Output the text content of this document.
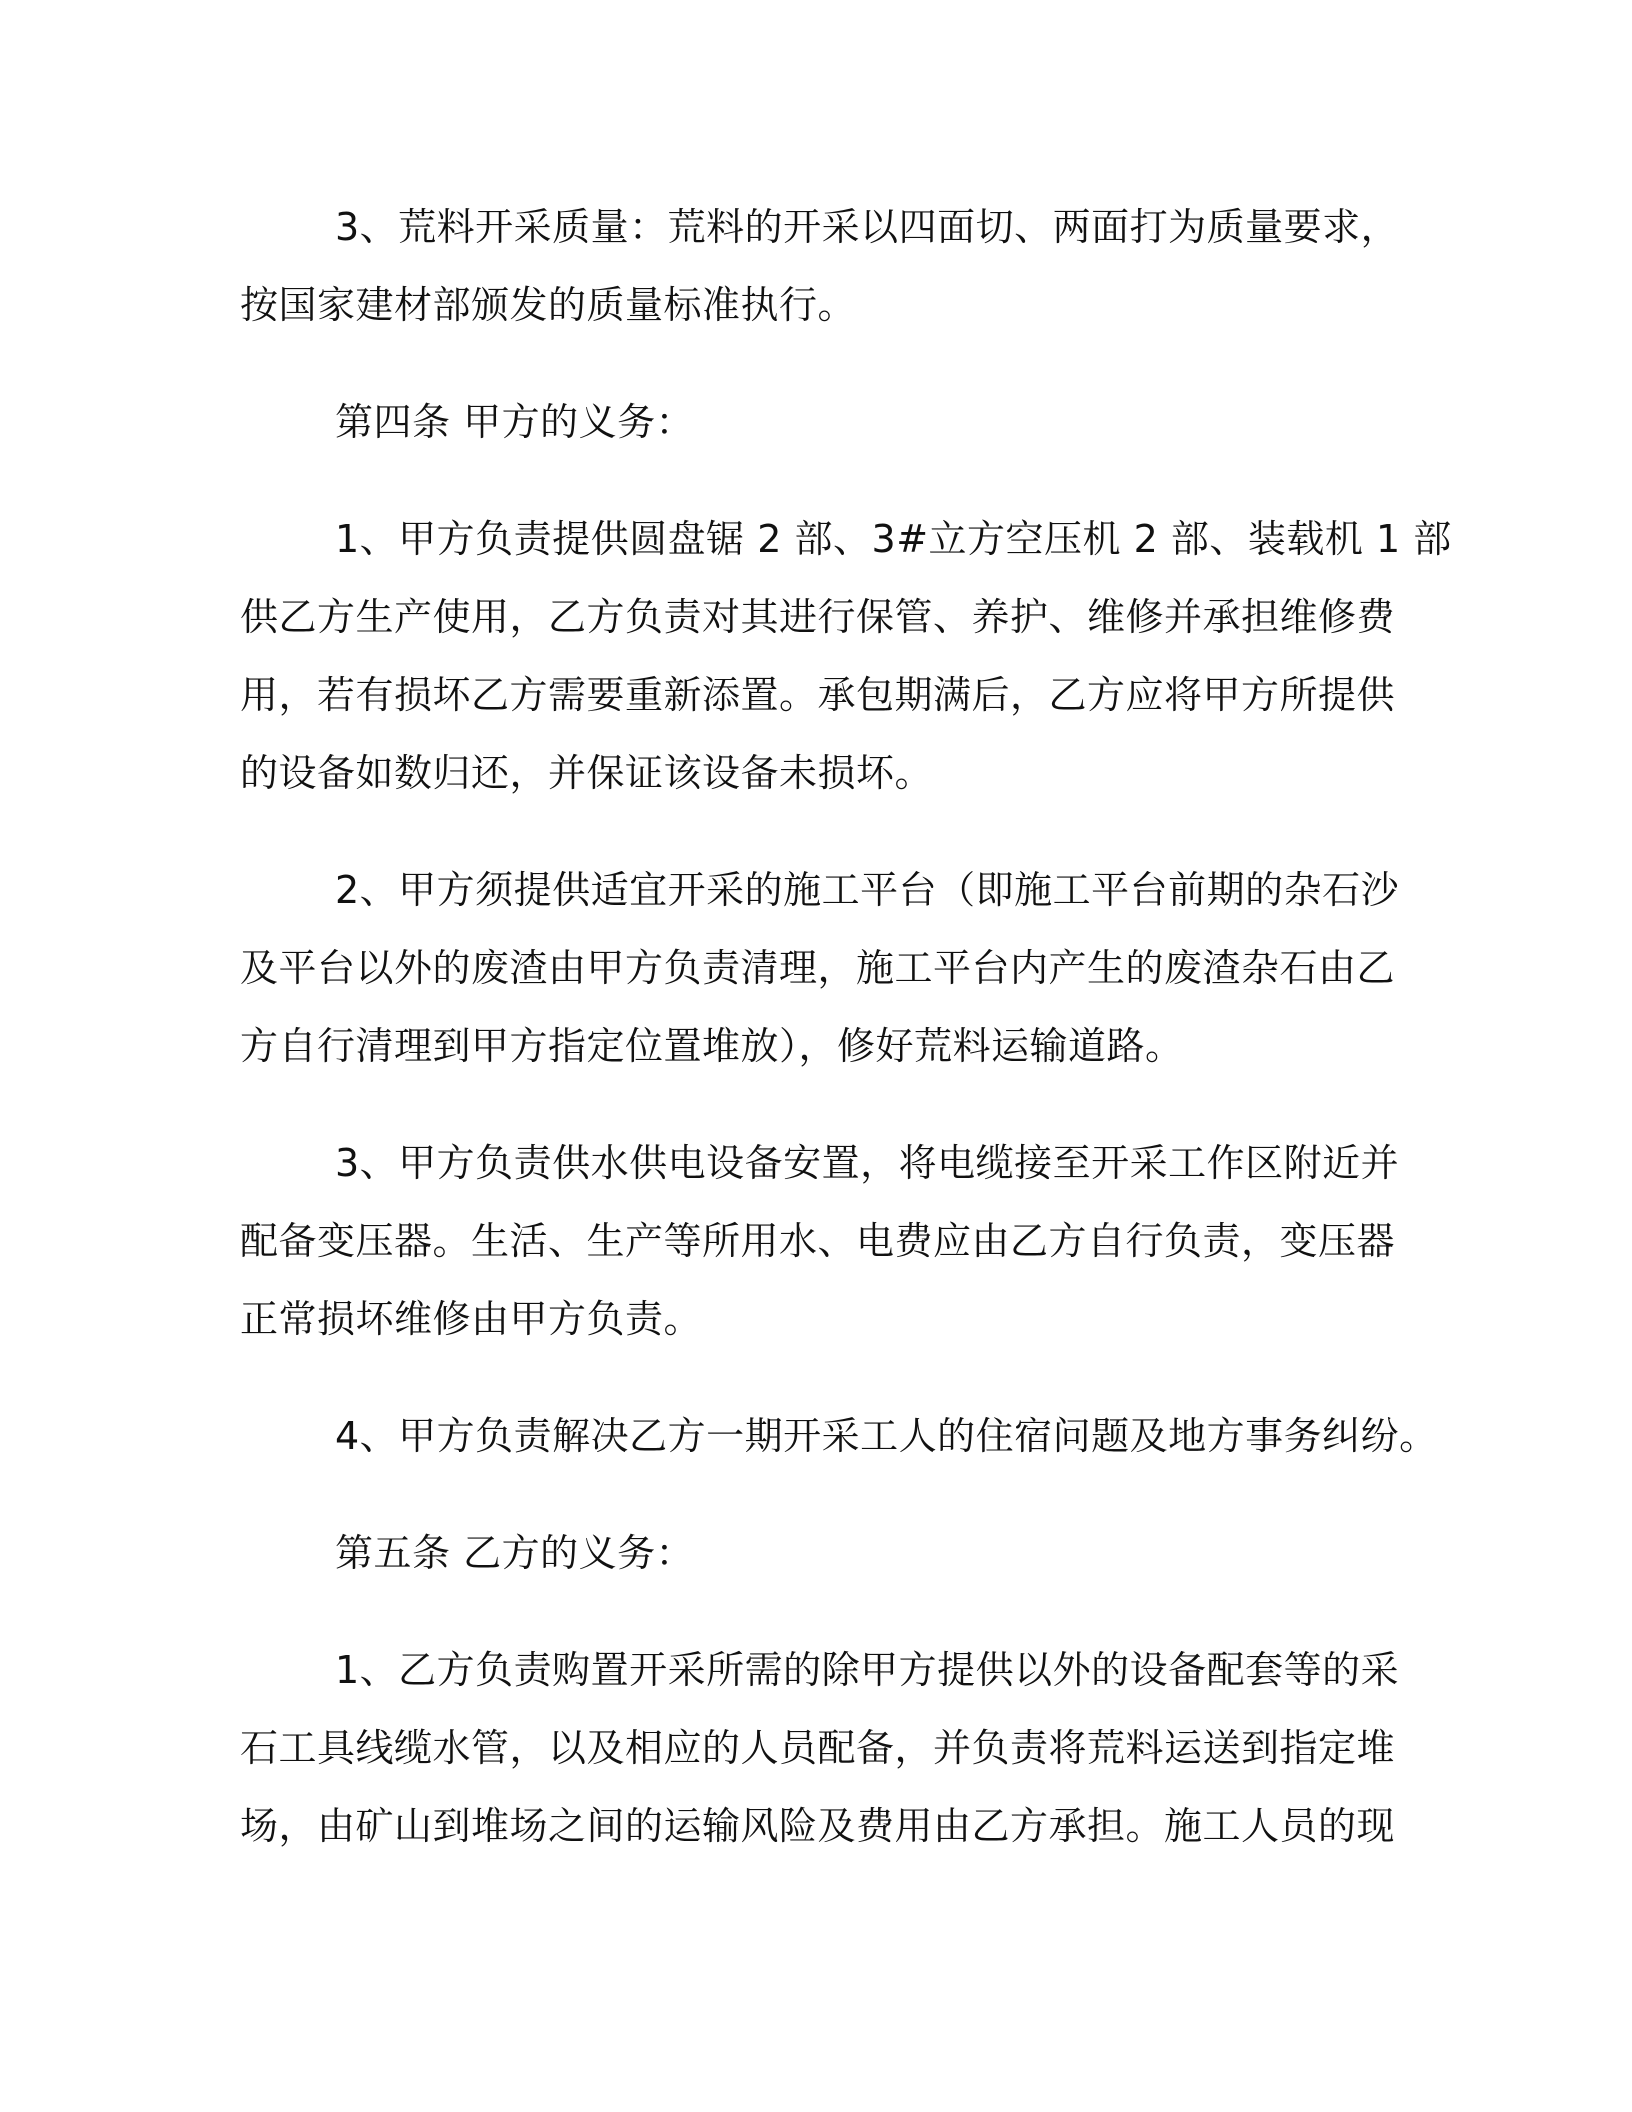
3、荒料开采质量：荒料的开采以四面切、两面打为质量要求，
按国家建材部颁发的质量标准执行。

第四条 甲方的义务：

1、甲方负责提供圆盘锯 2 部、3#立方空压机 2 部、装载机 1 部
供乙方生产使用，乙方负责对其进行保管、养护、维修并承担维修费
用，若有损坏乙方需要重新添置。承包期满后，乙方应将甲方所提供
的设备如数归还，并保证该设备未损坏。

2、甲方须提供适宜开采的施工平台（即施工平台前期的杂石沙
及平台以外的废渣由甲方负责清理，施工平台内产生的废渣杂石由乙
方自行清理到甲方指定位置堆放），修好荒料运输道路。

3、甲方负责供水供电设备安置，将电缆接至开采工作区附近并
配备变压器。生活、生产等所用水、电费应由乙方自行负责，变压器
正常损坏维修由甲方负责。

4、甲方负责解决乙方一期开采工人的住宿问题及地方事务纠纷。

第五条 乙方的义务：

1、乙方负责购置开采所需的除甲方提供以外的设备配套等的采
石工具线缆水管，以及相应的人员配备，并负责将荒料运送到指定堆
场，由矿山到堆场之间的运输风险及费用由乙方承担。施工人员的现
